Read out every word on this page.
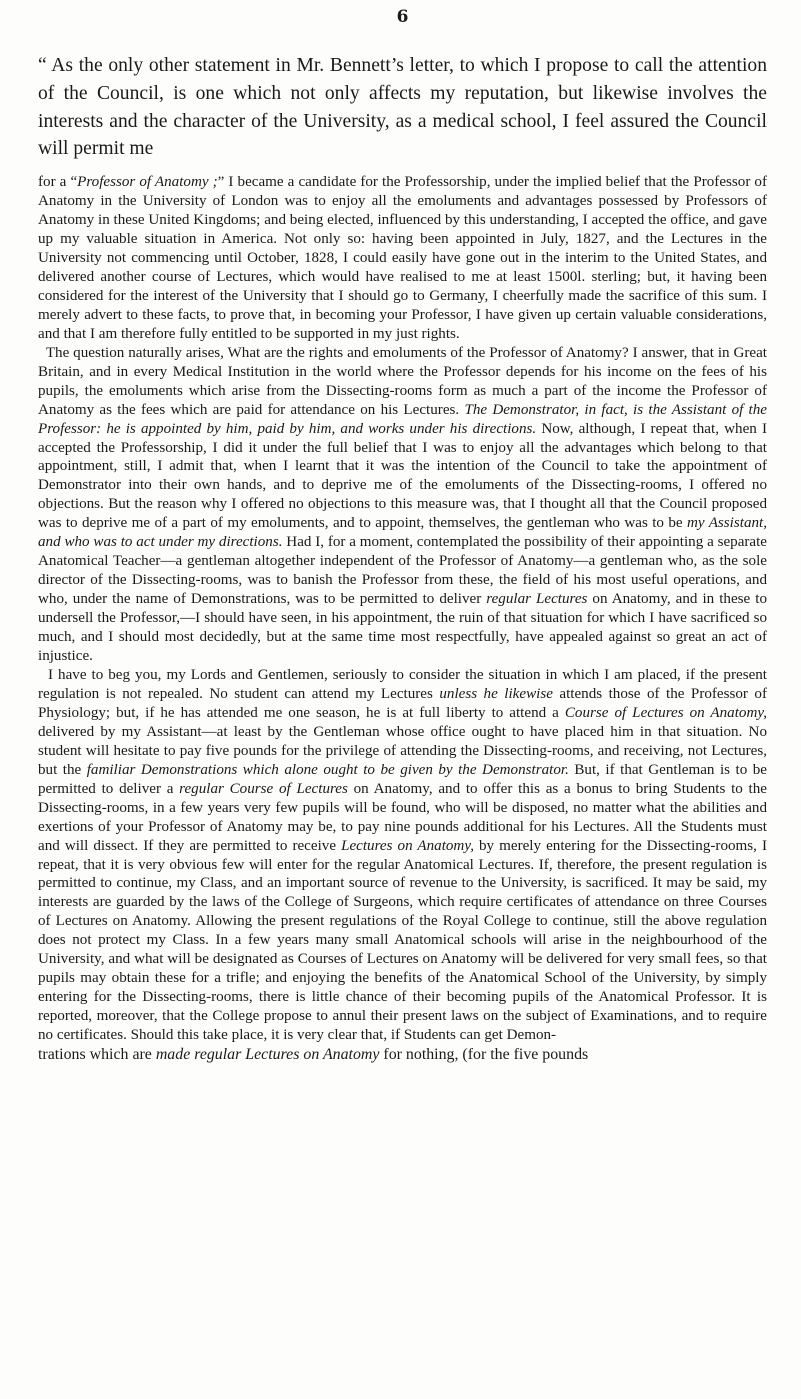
6

“ As the only other statement in Mr. Bennett’s letter, to which I propose to call the attention of the Council, is one which not only affects my reputation, but likewise involves the interests and the character of the University, as a medical school, I feel assured the Council will permit me

for a “Professor of Anatomy ;” I became a candidate for the Professorship, under the implied belief that the Professor of Anatomy in the University of London was to enjoy all the emoluments and advantages possessed by Professors of Anatomy in these United Kingdoms; and being elected, influenced by this understanding, I accepted the office, and gave up my valuable situation in America. Not only so: having been appointed in July, 1827, and the Lectures in the University not commencing until October, 1828, I could easily have gone out in the interim to the United States, and delivered another course of Lectures, which would have realised to me at least 1500l. sterling; but, it having been considered for the interest of the University that I should go to Germany, I cheerfully made the sacrifice of this sum. I merely advert to these facts, to prove that, in becoming your Professor, I have given up certain valuable considerations, and that I am therefore fully entitled to be supported in my just rights.

The question naturally arises, What are the rights and emoluments of the Professor of Anatomy? I answer, that in Great Britain, and in every Medical Institution in the world where the Professor depends for his income on the fees of his pupils, the emoluments which arise from the Dissecting-rooms form as much a part of the income the Professor of Anatomy as the fees which are paid for attendance on his Lectures. The Demonstrator, in fact, is the Assistant of the Professor: he is appointed by him, paid by him, and works under his directions. Now, although, I repeat that, when I accepted the Professorship, I did it under the full belief that I was to enjoy all the advantages which belong to that appointment, still, I admit that, when I learnt that it was the intention of the Council to take the appointment of Demonstrator into their own hands, and to deprive me of the emoluments of the Dissecting-rooms, I offered no objections. But the reason why I offered no objections to this measure was, that I thought all that the Council proposed was to deprive me of a part of my emoluments, and to appoint, themselves, the gentleman who was to be my Assistant, and who was to act under my directions. Had I, for a moment, contemplated the possibility of their appointing a separate Anatomical Teacher—a gentleman altogether independent of the Professor of Anatomy—a gentleman who, as the sole director of the Dissecting-rooms, was to banish the Professor from these, the field of his most useful operations, and who, under the name of Demonstrations, was to be permitted to deliver regular Lectures on Anatomy, and in these to undersell the Professor,—I should have seen, in his appointment, the ruin of that situation for which I have sacrificed so much, and I should most decidedly, but at the same time most respectfully, have appealed against so great an act of injustice.

I have to beg you, my Lords and Gentlemen, seriously to consider the situation in which I am placed, if the present regulation is not repealed. No student can attend my Lectures unless he likewise attends those of the Professor of Physiology; but, if he has attended me one season, he is at full liberty to attend a Course of Lectures on Anatomy, delivered by my Assistant—at least by the Gentleman whose office ought to have placed him in that situation. No student will hesitate to pay five pounds for the privilege of attending the Dissecting-rooms, and receiving, not Lectures, but the familiar Demonstrations which alone ought to be given by the Demonstrator. But, if that Gentleman is to be permitted to deliver a regular Course of Lectures on Anatomy, and to offer this as a bonus to bring Students to the Dissecting-rooms, in a few years very few pupils will be found, who will be disposed, no matter what the abilities and exertions of your Professor of Anatomy may be, to pay nine pounds additional for his Lectures. All the Students must and will dissect. If they are permitted to receive Lectures on Anatomy, by merely entering for the Dissecting-rooms, I repeat, that it is very obvious few will enter for the regular Anatomical Lectures. If, therefore, the present regulation is permitted to continue, my Class, and an important source of revenue to the University, is sacrificed. It may be said, my interests are guarded by the laws of the College of Surgeons, which require certificates of attendance on three Courses of Lectures on Anatomy. Allowing the present regulations of the Royal College to continue, still the above regulation does not protect my Class. In a few years many small Anatomical schools will arise in the neighbourhood of the University, and what will be designated as Courses of Lectures on Anatomy will be delivered for very small fees, so that pupils may obtain these for a trifle; and enjoying the benefits of the Anatomical School of the University, by simply entering for the Dissecting-rooms, there is little chance of their becoming pupils of the Anatomical Professor. It is reported, moreover, that the College propose to annul their present laws on the subject of Examinations, and to require no certificates. Should this take place, it is very clear that, if Students can get Demon-

trations which are made regular Lectures on Anatomy for nothing, (for the five pounds
